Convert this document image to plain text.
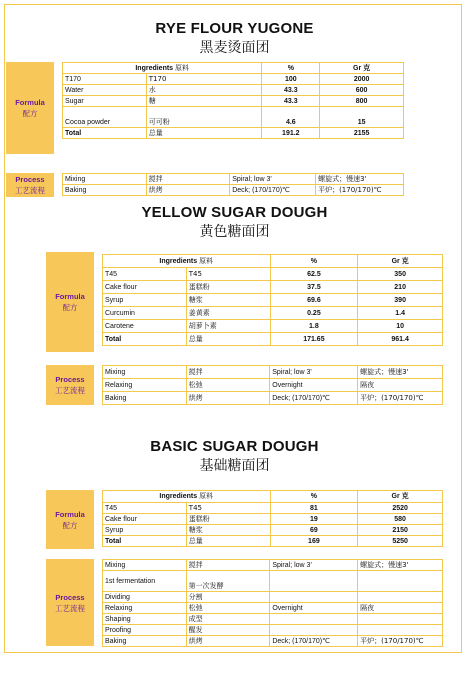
RYE FLOUR YUGONE
黑麦烫面团
Formula
配方
Ingredients 原料		%	Gr 克
T170	T170	100	2000
Water	水	43.3	600
Sugar	糖	43.3	800
Cocoa powder	可可粉	4.6	15
Total	总量	191.2	2155
Process
工艺流程
Mixing	搅拌	Spiral; low 3'	螺旋式；慢速3'
Baking	烘烤	Deck; (170/170)℃	平炉；(170/170)℃
YELLOW SUGAR DOUGH
黄色糖面团
Formula
配方
Ingredients 原料		%	Gr 克
T45	T45	62.5	350
Cake flour	蛋糕粉	37.5	210
Syrup	糖浆	69.6	390
Curcumin	姜黄素	0.25	1.4
Carotene	胡萝卜素	1.8	10
Total	总量	171.65	961.4
Process
工艺流程
Mixing	搅拌	Spiral; low 3'	螺旋式；慢速3'
Relaxing	松弛	Overnight	隔夜
Baking	烘烤	Deck; (170/170)℃	平炉；(170/170)℃
BASIC SUGAR DOUGH
基础糖面团
Formula
配方
Ingredients 原料		%	Gr 克
T45	T45	81	2520
Cake flour	蛋糕粉	19	580
Syrup	糖浆	69	2150
Total	总量	169	5250
Process
工艺流程
Mixing	搅拌	Spiral; low 3'	螺旋式；慢速3'
1st fermentation	第一次发酵		
Dividing	分割		
Relaxing	松弛	Overnight	隔夜
Shaping	成型		
Proofing	醒发		
Baking	烘烤	Deck; (170/170)℃	平炉；(170/170)℃
